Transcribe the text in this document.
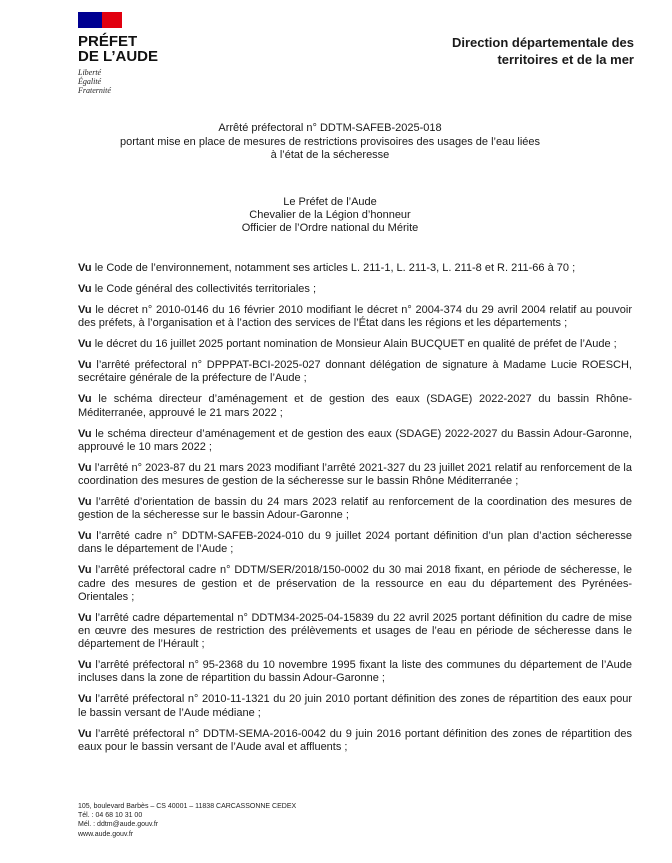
PRÉFET
DE L’AUDE
Liberté
Égalité
Fraternité
Direction départementale des
territoires et de la mer
Arrêté préfectoral n° DDTM-SAFEB-2025-018
portant mise en place de mesures de restrictions provisoires des usages de l’eau liées
à l’état de la sécheresse
Le Préfet de l’Aude
Chevalier de la Légion d’honneur
Officier de l’Ordre national du Mérite
Vu le Code de l’environnement, notamment ses articles L. 211-1, L. 211-3, L. 211-8 et R. 211-66 à 70 ;
Vu le Code général des collectivités territoriales ;
Vu le décret n° 2010-0146 du 16 février 2010 modifiant le décret n° 2004-374 du 29 avril 2004 relatif au pouvoir des préfets, à l’organisation et à l’action des services de l’État dans les régions et les départements ;
Vu le décret du 16 juillet 2025 portant nomination de Monsieur Alain BUCQUET en qualité de préfet de l’Aude ;
Vu l’arrêté préfectoral n° DPPPAT-BCI-2025-027 donnant délégation de signature à Madame Lucie ROESCH, secrétaire générale de la préfecture de l’Aude ;
Vu le schéma directeur d’aménagement et de gestion des eaux (SDAGE) 2022-2027 du bassin Rhône-Méditerranée, approuvé le 21 mars 2022 ;
Vu le schéma directeur d’aménagement et de gestion des eaux (SDAGE) 2022-2027 du Bassin Adour-Garonne, approuvé le 10 mars 2022 ;
Vu l’arrêté n° 2023-87 du 21 mars 2023 modifiant l’arrêté 2021-327 du 23 juillet 2021 relatif au renforcement de la coordination des mesures de gestion de la sécheresse sur le bassin Rhône Méditerranée ;
Vu l’arrêté d’orientation de bassin du 24 mars 2023 relatif au renforcement de la coordination des mesures de gestion de la sécheresse sur le bassin Adour-Garonne ;
Vu l’arrêté cadre n° DDTM-SAFEB-2024-010 du 9 juillet 2024 portant définition d’un plan d’action sécheresse dans le département de l’Aude ;
Vu l’arrêté préfectoral cadre n° DDTM/SER/2018/150-0002 du 30 mai 2018 fixant, en période de sécheresse, le cadre des mesures de gestion et de préservation de la ressource en eau du département des Pyrénées-Orientales ;
Vu l’arrêté cadre départemental n° DDTM34-2025-04-15839 du 22 avril 2025 portant définition du cadre de mise en œuvre des mesures de restriction des prélèvements et usages de l’eau en période de sécheresse dans le département de l’Hérault ;
Vu l’arrêté préfectoral n° 95-2368 du 10 novembre 1995 fixant la liste des communes du département de l’Aude incluses dans la zone de répartition du bassin Adour-Garonne ;
Vu l’arrêté préfectoral n° 2010-11-1321 du 20 juin 2010 portant définition des zones de répartition des eaux pour le bassin versant de l’Aude médiane ;
Vu l’arrêté préfectoral n° DDTM-SEMA-2016-0042 du 9 juin 2016 portant définition des zones de répartition des eaux pour le bassin versant de l’Aude aval et affluents ;
105, boulevard Barbès – CS 40001 – 11838 CARCASSONNE CEDEX
Tél. : 04 68 10 31 00
Mél. : ddtm@aude.gouv.fr
www.aude.gouv.fr
